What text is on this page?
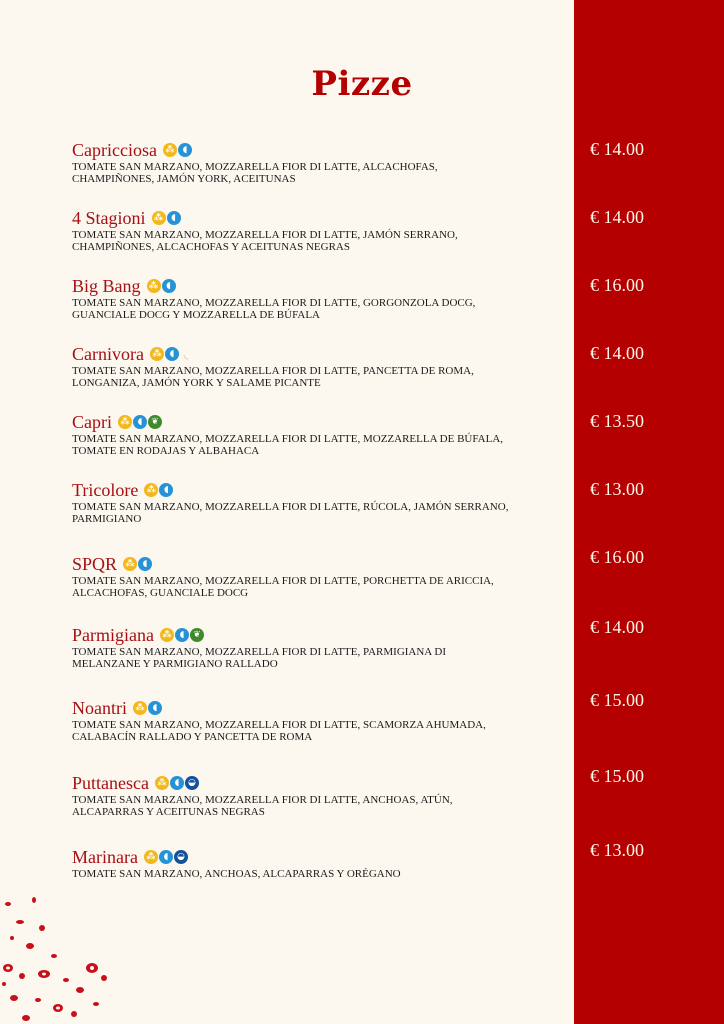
Pizze
Capricciosa ⁂ ◖
TOMATE SAN MARZANO, MOZZARELLA FIOR DI LATTE, ALCACHOFAS, CHAMPIÑONES, JAMÓN YORK, ACEITUNAS
€ 14.00
4 Stagioni ⁂ ◖
TOMATE SAN MARZANO, MOZZARELLA FIOR DI LATTE, JAMÓN SERRANO, CHAMPIÑONES, ALCACHOFAS Y ACEITUNAS NEGRAS
€ 14.00
Big Bang ⁂ ◖
TOMATE SAN MARZANO, MOZZARELLA FIOR DI LATTE, GORGONZOLA DOCG, GUANCIALE DOCG Y MOZZARELLA DE BÚFALA
€ 16.00
Carnivora ⁂ ◖ ◟
TOMATE SAN MARZANO, MOZZARELLA FIOR DI LATTE, PANCETTA DE ROMA, LONGANIZA, JAMÓN YORK Y SALAME PICANTE
€ 14.00
Capri ⁂ ◖ ❦
TOMATE SAN MARZANO, MOZZARELLA FIOR DI LATTE, MOZZARELLA DE BÚFALA, TOMATE EN RODAJAS Y ALBAHACA
€ 13.50
Tricolore ⁂ ◖
TOMATE SAN MARZANO, MOZZARELLA FIOR DI LATTE, RÚCOLA, JAMÓN SERRANO, PARMIGIANO
€ 13.00
SPQR ⁂ ◖
TOMATE SAN MARZANO, MOZZARELLA FIOR DI LATTE, PORCHETTA DE ARICCIA, ALCACHOFAS, GUANCIALE DOCG
€ 16.00
Parmigiana ⁂ ◖ ❦
TOMATE SAN MARZANO, MOZZARELLA FIOR DI LATTE, PARMIGIANA DI MELANZANE Y PARMIGIANO RALLADO
€ 14.00
Noantri ⁂ ◖
TOMATE SAN MARZANO, MOZZARELLA FIOR DI LATTE, SCAMORZA AHUMADA, CALABACÍN RALLADO Y PANCETTA DE ROMA
€ 15.00
Puttanesca ⁂ ◖ ◒
TOMATE SAN MARZANO, MOZZARELLA FIOR DI LATTE, ANCHOAS, ATÚN, ALCAPARRAS Y ACEITUNAS NEGRAS
€ 15.00
Marinara ⁂ ◖ ◒
TOMATE SAN MARZANO, ANCHOAS, ALCAPARRAS Y ORÉGANO
€ 13.00
